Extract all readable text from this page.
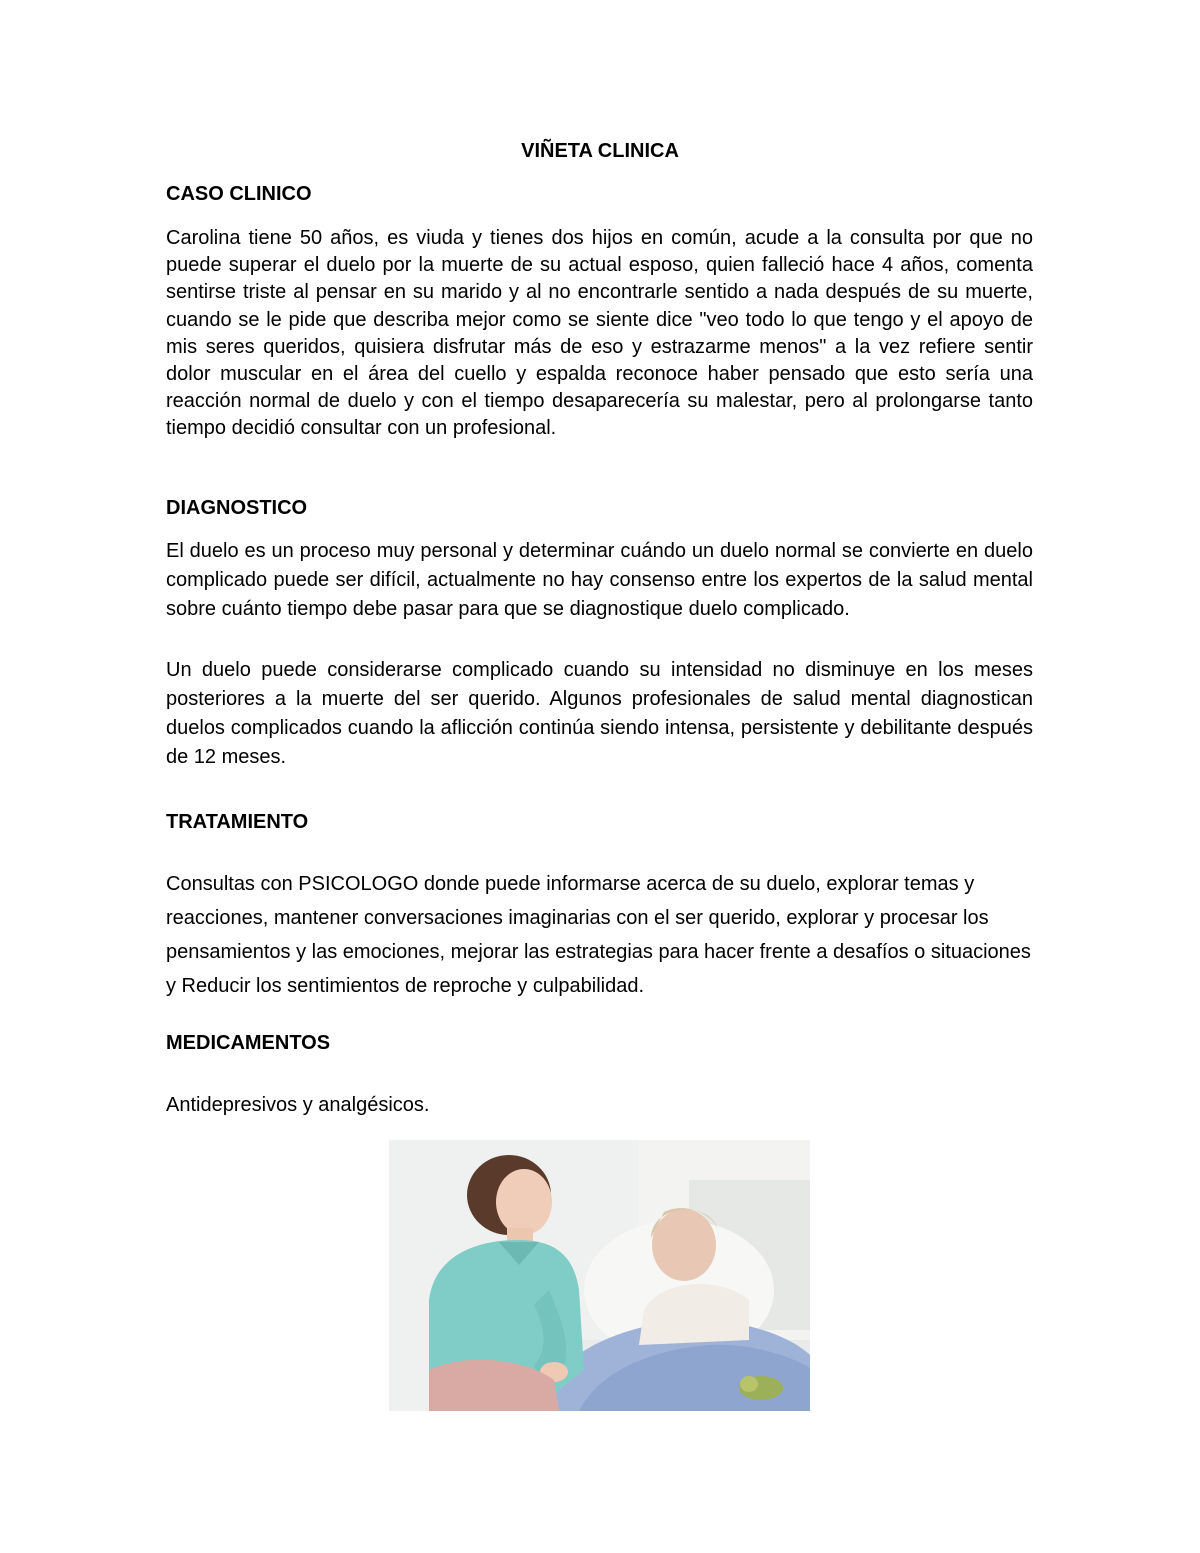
VIÑETA CLINICA
CASO CLINICO

Carolina tiene 50 años, es viuda y tienes dos hijos en común, acude a la consulta por que no puede superar el duelo por la muerte de su actual esposo, quien falleció hace 4 años, comenta sentirse triste al pensar en su marido y al no encontrarle sentido a nada después de su muerte, cuando se le pide que describa mejor como se siente dice "veo todo lo que tengo y el apoyo de mis seres queridos, quisiera disfrutar más de eso y estrazarme menos" a la vez refiere sentir dolor muscular en el área del cuello y espalda reconoce haber pensado que esto sería una reacción normal de duelo y con el tiempo desaparecería su malestar, pero al prolongarse tanto tiempo decidió consultar con un profesional.

DIAGNOSTICO

El duelo es un proceso muy personal y determinar cuándo un duelo normal se convierte en duelo complicado puede ser difícil, actualmente no hay consenso entre los expertos de la salud mental sobre cuánto tiempo debe pasar para que se diagnostique duelo complicado.

Un duelo puede considerarse complicado cuando su intensidad no disminuye en los meses posteriores a la muerte del ser querido. Algunos profesionales de salud mental diagnostican duelos complicados cuando la aflicción continúa siendo intensa, persistente y debilitante después de 12 meses.

TRATAMIENTO

Consultas con PSICOLOGO donde puede informarse acerca de su duelo, explorar temas y reacciones, mantener conversaciones imaginarias con el ser querido, explorar y procesar los pensamientos y las emociones, mejorar las estrategias para hacer frente a desafíos o situaciones y Reducir los sentimientos de reproche y culpabilidad.

MEDICAMENTOS

Antidepresivos y analgésicos.
